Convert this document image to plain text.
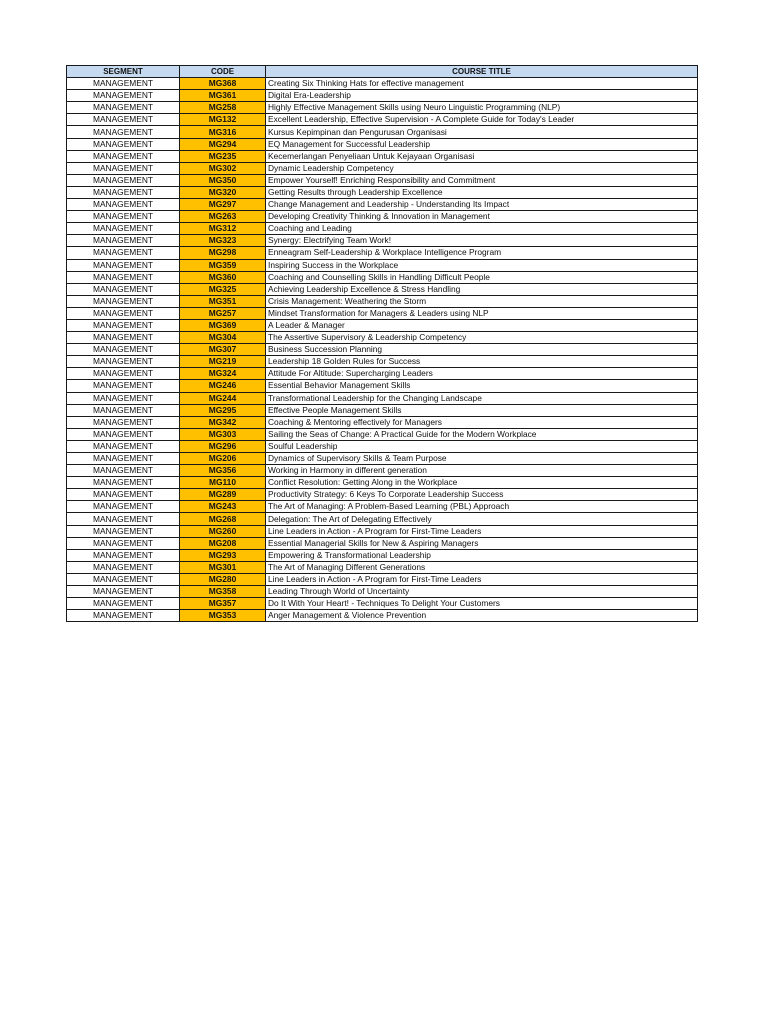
SEGMENT	CODE	COURSE TITLE
MANAGEMENT	MG368	Creating Six Thinking Hats for effective management
MANAGEMENT	MG361	Digital Era-Leadership
MANAGEMENT	MG258	Highly Effective Management Skills using Neuro Linguistic Programming (NLP)
MANAGEMENT	MG132	Excellent Leadership, Effective Supervision - A Complete Guide for Today's Leader
MANAGEMENT	MG316	Kursus Kepimpinan dan Pengurusan Organisasi
MANAGEMENT	MG294	EQ Management for Successful Leadership
MANAGEMENT	MG235	Kecemerlangan Penyeliaan Untuk Kejayaan Organisasi
MANAGEMENT	MG302	Dynamic Leadership Competency
MANAGEMENT	MG350	Empower Yourself! Enriching Responsibility and Commitment
MANAGEMENT	MG320	Getting Results through Leadership Excellence
MANAGEMENT	MG297	Change Management and Leadership - Understanding Its Impact
MANAGEMENT	MG263	Developing Creativity Thinking & Innovation in Management
MANAGEMENT	MG312	Coaching and Leading
MANAGEMENT	MG323	Synergy: Electrifying Team Work!
MANAGEMENT	MG298	Enneagram Self-Leadership & Workplace Intelligence Program
MANAGEMENT	MG359	Inspiring Success in the Workplace
MANAGEMENT	MG360	Coaching and Counselling Skills in Handling Difficult People
MANAGEMENT	MG325	Achieving Leadership Excellence & Stress Handling
MANAGEMENT	MG351	Crisis Management: Weathering the Storm
MANAGEMENT	MG257	Mindset Transformation for Managers & Leaders using NLP
MANAGEMENT	MG369	A Leader & Manager
MANAGEMENT	MG304	The Assertive Supervisory & Leadership Competency
MANAGEMENT	MG307	Business Succession Planning
MANAGEMENT	MG219	Leadership 18 Golden Rules for Success
MANAGEMENT	MG324	Attitude For Altitude: Supercharging Leaders
MANAGEMENT	MG246	Essential Behavior Management Skills
MANAGEMENT	MG244	Transformational Leadership for the Changing Landscape
MANAGEMENT	MG295	Effective People Management Skills
MANAGEMENT	MG342	Coaching & Mentoring effectively for Managers
MANAGEMENT	MG303	Sailing the Seas of Change: A Practical Guide for the Modern Workplace
MANAGEMENT	MG296	Soulful Leadership
MANAGEMENT	MG206	Dynamics of Supervisory Skills & Team Purpose
MANAGEMENT	MG356	Working in Harmony in different generation
MANAGEMENT	MG110	Conflict Resolution: Getting Along in the Workplace
MANAGEMENT	MG289	Productivity Strategy: 6 Keys To Corporate Leadership Success
MANAGEMENT	MG243	The Art of Managing: A Problem-Based Learning (PBL) Approach
MANAGEMENT	MG268	Delegation: The Art of Delegating Effectively
MANAGEMENT	MG260	Line Leaders in Action - A Program for First-Time Leaders
MANAGEMENT	MG208	Essential Managerial Skills for New & Aspiring Managers
MANAGEMENT	MG293	Empowering & Transformational Leadership
MANAGEMENT	MG301	The Art of Managing Different Generations
MANAGEMENT	MG280	Line Leaders in Action - A Program for First-Time Leaders
MANAGEMENT	MG358	Leading Through World of Uncertainty
MANAGEMENT	MG357	Do It With Your Heart! - Techniques To Delight Your Customers
MANAGEMENT	MG353	Anger Management & Violence Prevention
